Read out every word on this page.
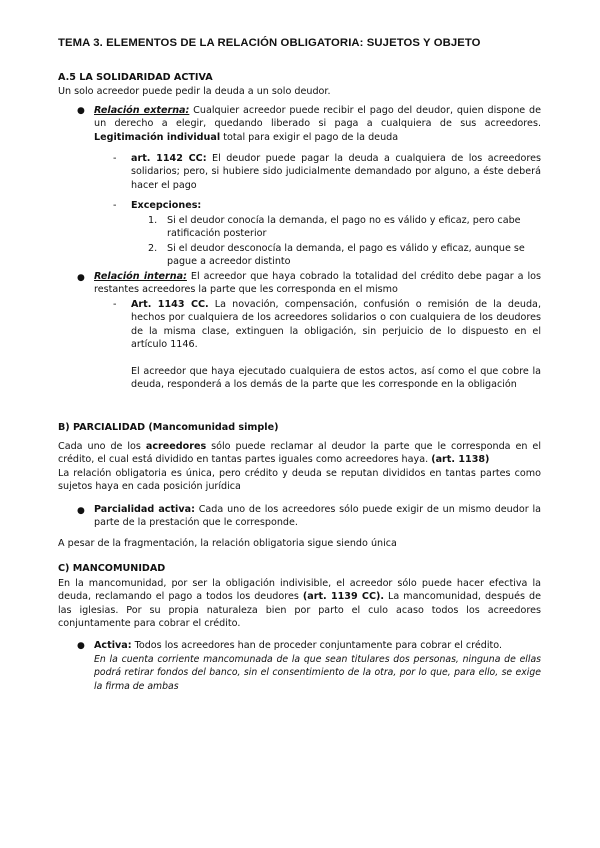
TEMA 3. ELEMENTOS DE LA RELACIÓN OBLIGATORIA: SUJETOS Y OBJETO
A.5 LA SOLIDARIDAD ACTIVA
Un solo acreedor puede pedir la deuda a un solo deudor.
● Relación externa: Cualquier acreedor puede recibir el pago del deudor, quien dispone de un derecho a elegir, quedando liberado si paga a cualquiera de sus acreedores. Legitimación individual total para exigir el pago de la deuda
- art. 1142 CC: El deudor puede pagar la deuda a cualquiera de los acreedores solidarios; pero, si hubiere sido judicialmente demandado por alguno, a éste deberá hacer el pago
- Excepciones:
1. Si el deudor conocía la demanda, el pago no es válido y eficaz, pero cabe ratificación posterior
2. Si el deudor desconocía la demanda, el pago es válido y eficaz, aunque se pague a acreedor distinto
● Relación interna: El acreedor que haya cobrado la totalidad del crédito debe pagar a los restantes acreedores la parte que les corresponda en el mismo
- Art. 1143 CC. La novación, compensación, confusión o remisión de la deuda, hechos por cualquiera de los acreedores solidarios o con cualquiera de los deudores de la misma clase, extinguen la obligación, sin perjuicio de lo dispuesto en el artículo 1146.
El acreedor que haya ejecutado cualquiera de estos actos, así como el que cobre la deuda, responderá a los demás de la parte que les corresponde en la obligación
B) PARCIALIDAD (Mancomunidad simple)
Cada uno de los acreedores sólo puede reclamar al deudor la parte que le corresponda en el crédito, el cual está dividido en tantas partes iguales como acreedores haya. (art. 1138)
La relación obligatoria es única, pero crédito y deuda se reputan divididos en tantas partes como sujetos haya en cada posición jurídica
● Parcialidad activa: Cada uno de los acreedores sólo puede exigir de un mismo deudor la parte de la prestación que le corresponde.
A pesar de la fragmentación, la relación obligatoria sigue siendo única
C) MANCOMUNIDAD
En la mancomunidad, por ser la obligación indivisible, el acreedor sólo puede hacer efectiva la deuda, reclamando el pago a todos los deudores (art. 1139 CC). La mancomunidad, después de las iglesias. Por su propia naturaleza bien por parto el culo acaso todos los acreedores conjuntamente para cobrar el crédito.
● Activa: Todos los acreedores han de proceder conjuntamente para cobrar el crédito.
En la cuenta corriente mancomunada de la que sean titulares dos personas, ninguna de ellas podrá retirar fondos del banco, sin el consentimiento de la otra, por lo que, para ello, se exige la firma de ambas
